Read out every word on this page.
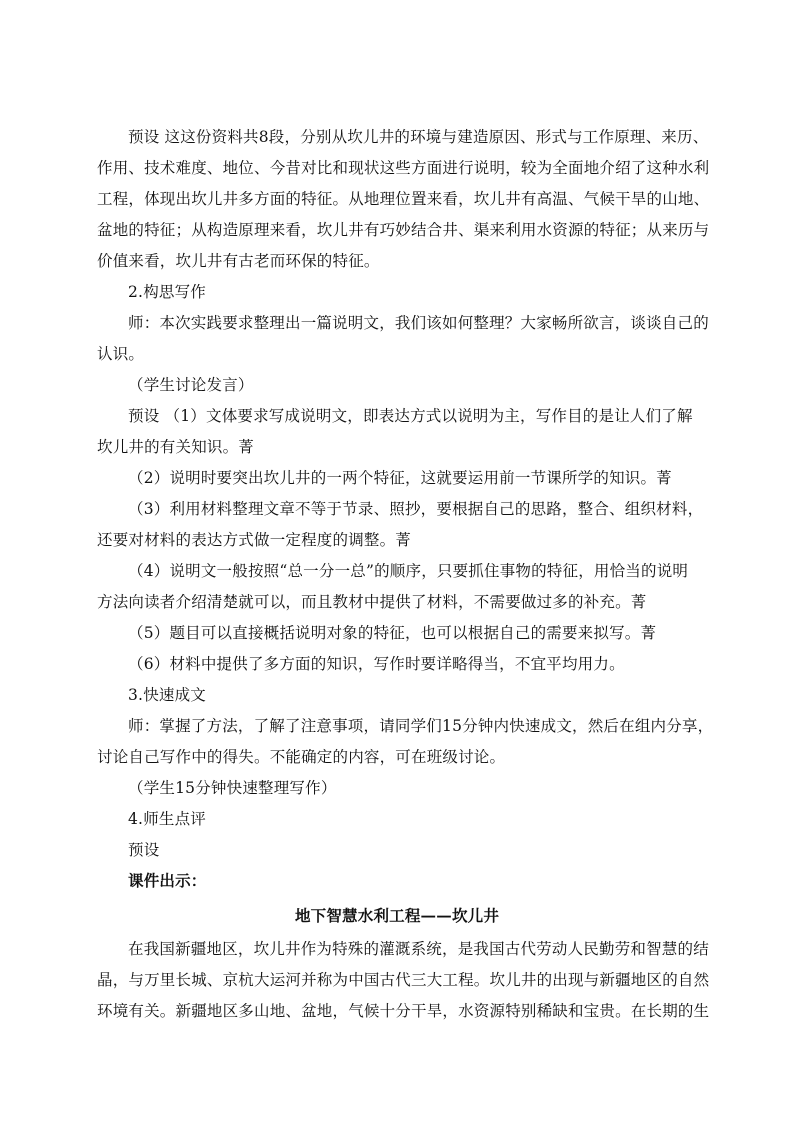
预设 这这份资料共8段，分别从坎儿井的环境与建造原因、形式与工作原理、来历、
作用、技术难度、地位、今昔对比和现状这些方面进行说明，较为全面地介绍了这种水利
工程，体现出坎儿井多方面的特征。从地理位置来看，坎儿井有高温、气候干旱的山地、
盆地的特征；从构造原理来看，坎儿井有巧妙结合井、渠来利用水资源的特征；从来历与
价值来看，坎儿井有古老而环保的特征。
2.构思写作
师：本次实践要求整理出一篇说明文，我们该如何整理？大家畅所欲言，谈谈自己的
认识。
（学生讨论发言）
预设 （1）文体要求写成说明文，即表达方式以说明为主，写作目的是让人们了解
坎儿井的有关知识。菁
（2）说明时要突出坎儿井的一两个特征，这就要运用前一节课所学的知识。菁
（3）利用材料整理文章不等于节录、照抄，要根据自己的思路，整合、组织材料，
还要对材料的表达方式做一定程度的调整。菁
（4）说明文一般按照“总一分一总”的顺序，只要抓住事物的特征，用恰当的说明
方法向读者介绍清楚就可以，而且教材中提供了材料，不需要做过多的补充。菁
（5）题目可以直接概括说明对象的特征，也可以根据自己的需要来拟写。菁
（6）材料中提供了多方面的知识，写作时要详略得当，不宜平均用力。
3.快速成文
师：掌握了方法，了解了注意事项，请同学们15分钟内快速成文，然后在组内分享，
讨论自己写作中的得失。不能确定的内容，可在班级讨论。
（学生15分钟快速整理写作）
4.师生点评
预设
课件出示：
地下智慧水利工程——坎儿井
在我国新疆地区，坎儿井作为特殊的灌溉系统，是我国古代劳动人民勤劳和智慧的结
晶，与万里长城、京杭大运河并称为中国古代三大工程。坎儿井的出现与新疆地区的自然
环境有关。新疆地区多山地、盆地，气候十分干旱，水资源特别稀缺和宝贵。在长期的生
